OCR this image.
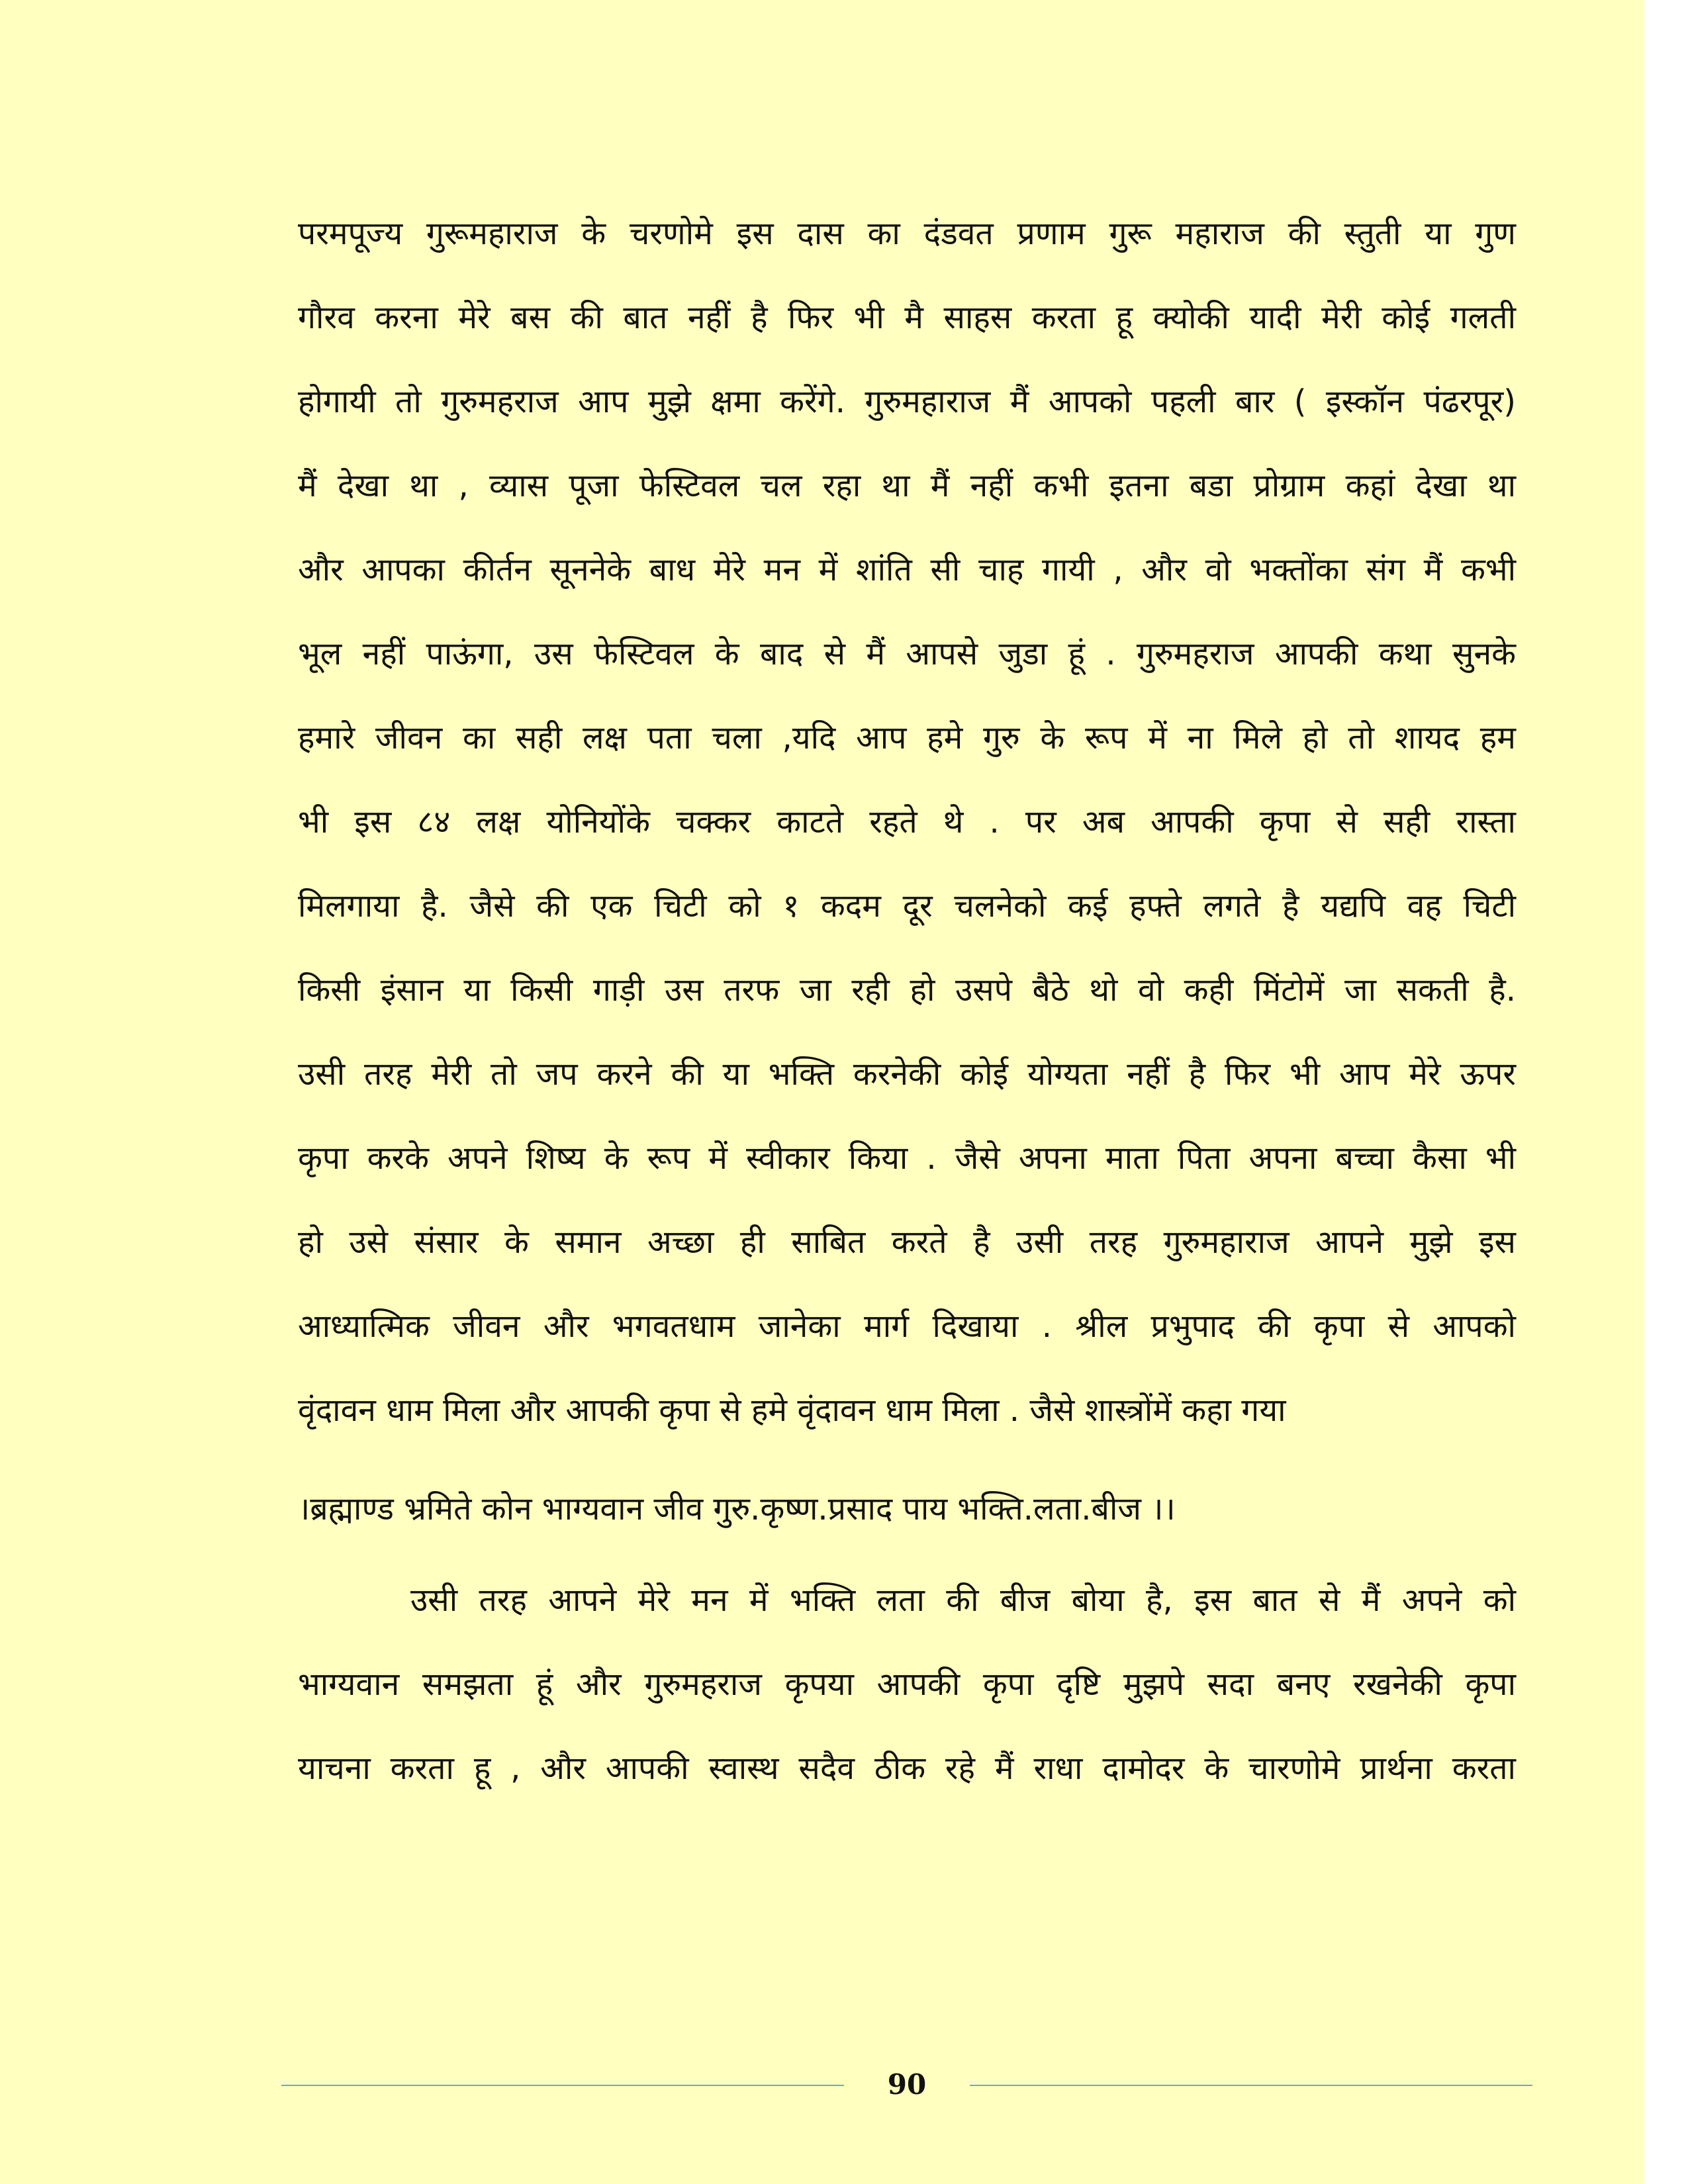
परमपूज्य गुरूमहाराज के चरणोमे इस दास का दंडवत प्रणाम गुरू महाराज की स्तुती या गुण
गौरव करना मेरे बस की बात नहीं है फिर भी मै साहस करता हू क्योकी यादी मेरी कोई गलती
होगायी तो गुरुमहराज आप मुझे क्षमा करेंगे. गुरुमहाराज मैं आपको पहली बार ( इस्कॉन पंढरपूर)
मैं देखा था , व्यास पूजा फेस्टिवल चल रहा था मैं नहीं कभी इतना बडा प्रोग्राम कहां देखा था
और आपका कीर्तन सूननेके बाध मेरे मन में शांति सी चाह गायी , और वो भक्तोंका संग मैं कभी
भूल नहीं पाऊंगा, उस फेस्टिवल के बाद से मैं आपसे जुडा हूं . गुरुमहराज आपकी कथा सुनके
हमारे जीवन का सही लक्ष पता चला ,यदि आप हमे गुरु के रूप में ना मिले हो तो शायद हम
भी इस ८४ लक्ष योनियोंके चक्कर काटते रहते थे . पर अब आपकी कृपा से सही रास्ता
मिलगाया है. जैसे की एक चिटी को १ कदम दूर चलनेको कई हफ्ते लगते है यद्यपि वह चिटी
किसी इंसान या किसी गाड़ी उस तरफ जा रही हो उसपे बैठे थो वो कही मिंटोमें जा सकती है.
उसी तरह मेरी तो जप करने की या भक्ति करनेकी कोई योग्यता नहीं है फिर भी आप मेरे ऊपर
कृपा करके अपने शिष्य के रूप में स्वीकार किया . जैसे अपना माता पिता अपना बच्चा कैसा भी
हो उसे संसार के समान अच्छा ही साबित करते है उसी तरह गुरुमहाराज आपने मुझे इस
आध्यात्मिक जीवन और भगवतधाम जानेका मार्ग दिखाया . श्रील प्रभुपाद की कृपा से आपको
वृंदावन धाम मिला और आपकी कृपा से हमे वृंदावन धाम मिला . जैसे शास्त्रोंमें कहा गया
।ब्रह्माण्ड भ्रमिते कोन भाग्यवान जीव गुरु.कृष्ण.प्रसाद पाय भक्ति.लता.बीज ।।
उसी तरह आपने मेरे मन में भक्ति लता की बीज बोया है, इस बात से मैं अपने को
भाग्यवान समझता हूं और गुरुमहराज कृपया आपकी कृपा दृष्टि मुझपे सदा बनए रखनेकी कृपा
याचना करता हू , और आपकी स्वास्थ सदैव ठीक रहे मैं राधा दामोदर के चारणोमे प्रार्थना करता
90
